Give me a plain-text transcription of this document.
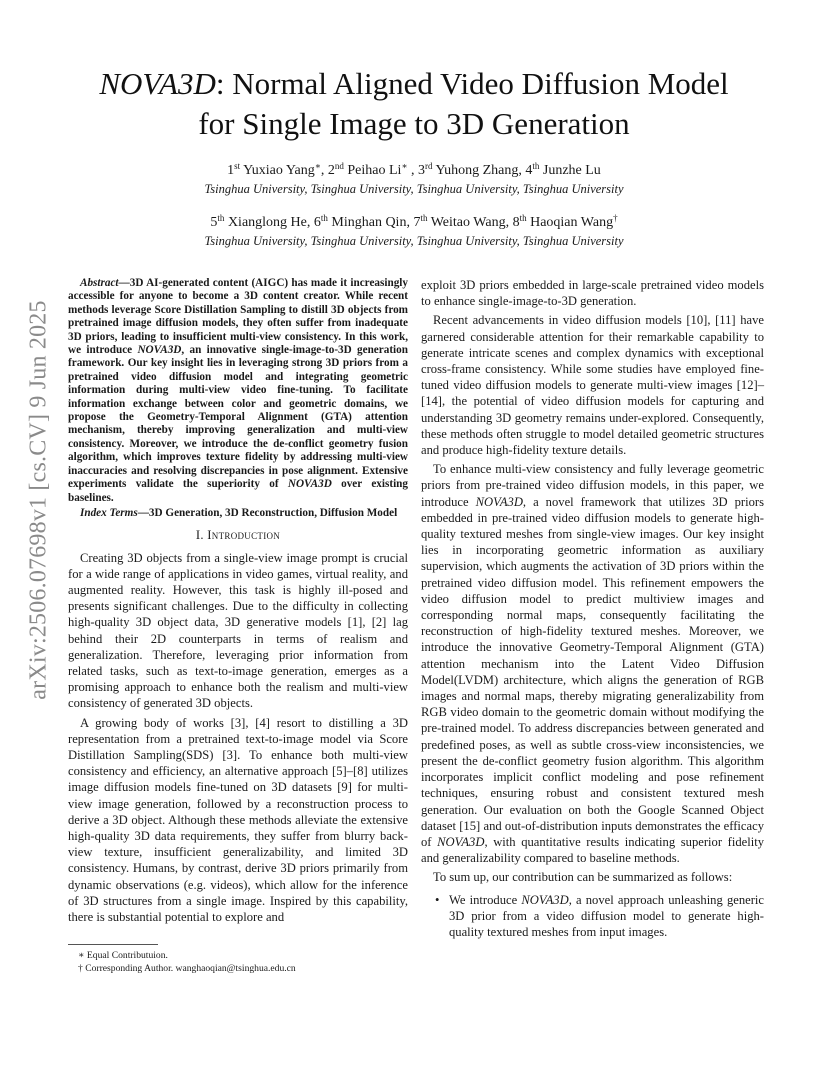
arXiv:2506.07698v1 [cs.CV] 9 Jun 2025
NOVA3D: Normal Aligned Video Diffusion Model
for Single Image to 3D Generation
1st Yuxiao Yang∗, 2nd Peihao Li∗ , 3rd Yuhong Zhang, 4th Junzhe Lu
Tsinghua University, Tsinghua University, Tsinghua University, Tsinghua University
5th Xianglong He, 6th Minghan Qin, 7th Weitao Wang, 8th Haoqian Wang†
Tsinghua University, Tsinghua University, Tsinghua University, Tsinghua University

Abstract—3D AI-generated content (AIGC) has made it increasingly accessible for anyone to become a 3D content creator. While recent methods leverage Score Distillation Sampling to distill 3D objects from pretrained image diffusion models, they often suffer from inadequate 3D priors, leading to insufficient multi-view consistency. In this work, we introduce NOVA3D, an innovative single-image-to-3D generation framework. Our key insight lies in leveraging strong 3D priors from a pretrained video diffusion model and integrating geometric information during multi-view video fine-tuning. To facilitate information exchange between color and geometric domains, we propose the Geometry-Temporal Alignment (GTA) attention mechanism, thereby improving generalization and multi-view consistency. Moreover, we introduce the de-conflict geometry fusion algorithm, which improves texture fidelity by addressing multi-view inaccuracies and resolving discrepancies in pose alignment. Extensive experiments validate the superiority of NOVA3D over existing baselines.

Index Terms—3D Generation, 3D Reconstruction, Diffusion Model

I. Introduction

Creating 3D objects from a single-view image prompt is crucial for a wide range of applications in video games, virtual reality, and augmented reality. However, this task is highly ill-posed and presents significant challenges. Due to the difficulty in collecting high-quality 3D object data, 3D generative models [1], [2] lag behind their 2D counterparts in terms of realism and generalization. Therefore, leveraging prior information from related tasks, such as text-to-image generation, emerges as a promising approach to enhance both the realism and multi-view consistency of generated 3D objects.

A growing body of works [3], [4] resort to distilling a 3D representation from a pretrained text-to-image model via Score Distillation Sampling(SDS) [3]. To enhance both multi-view consistency and efficiency, an alternative approach [5]–[8] utilizes image diffusion models fine-tuned on 3D datasets [9] for multi-view image generation, followed by a reconstruction process to derive a 3D object. Although these methods alleviate the extensive high-quality 3D data requirements, they suffer from blurry back-view texture, insufficient generalizability, and limited 3D consistency. Humans, by contrast, derive 3D priors primarily from dynamic observations (e.g. videos), which allow for the inference of 3D structures from a single image. Inspired by this capability, there is substantial potential to explore and

∗ Equal Contributuion.
† Corresponding Author. wanghaoqian@tsinghua.edu.cn

exploit 3D priors embedded in large-scale pretrained video models to enhance single-image-to-3D generation.

Recent advancements in video diffusion models [10], [11] have garnered considerable attention for their remarkable capability to generate intricate scenes and complex dynamics with exceptional cross-frame consistency. While some studies have employed fine-tuned video diffusion models to generate multi-view images [12]–[14], the potential of video diffusion models for capturing and understanding 3D geometry remains under-explored. Consequently, these methods often struggle to model detailed geometric structures and produce high-fidelity texture details.

To enhance multi-view consistency and fully leverage geometric priors from pre-trained video diffusion models, in this paper, we introduce NOVA3D, a novel framework that utilizes 3D priors embedded in pre-trained video diffusion models to generate high-quality textured meshes from single-view images. Our key insight lies in incorporating geometric information as auxiliary supervision, which augments the activation of 3D priors within the pretrained video diffusion model. This refinement empowers the video diffusion model to predict multiview images and corresponding normal maps, consequently facilitating the reconstruction of high-fidelity textured meshes. Moreover, we introduce the innovative Geometry-Temporal Alignment (GTA) attention mechanism into the Latent Video Diffusion Model(LVDM) architecture, which aligns the generation of RGB images and normal maps, thereby migrating generalizability from RGB video domain to the geometric domain without modifying the pre-trained model. To address discrepancies between generated and predefined poses, as well as subtle cross-view inconsistencies, we present the de-conflict geometry fusion algorithm. This algorithm incorporates implicit conflict modeling and pose refinement techniques, ensuring robust and consistent textured mesh generation. Our evaluation on both the Google Scanned Object dataset [15] and out-of-distribution inputs demonstrates the efficacy of NOVA3D, with quantitative results indicating superior fidelity and generalizability compared to baseline methods.

To sum up, our contribution can be summarized as follows:

• We introduce NOVA3D, a novel approach unleashing generic 3D prior from a video diffusion model to generate high-quality textured meshes from input images.
